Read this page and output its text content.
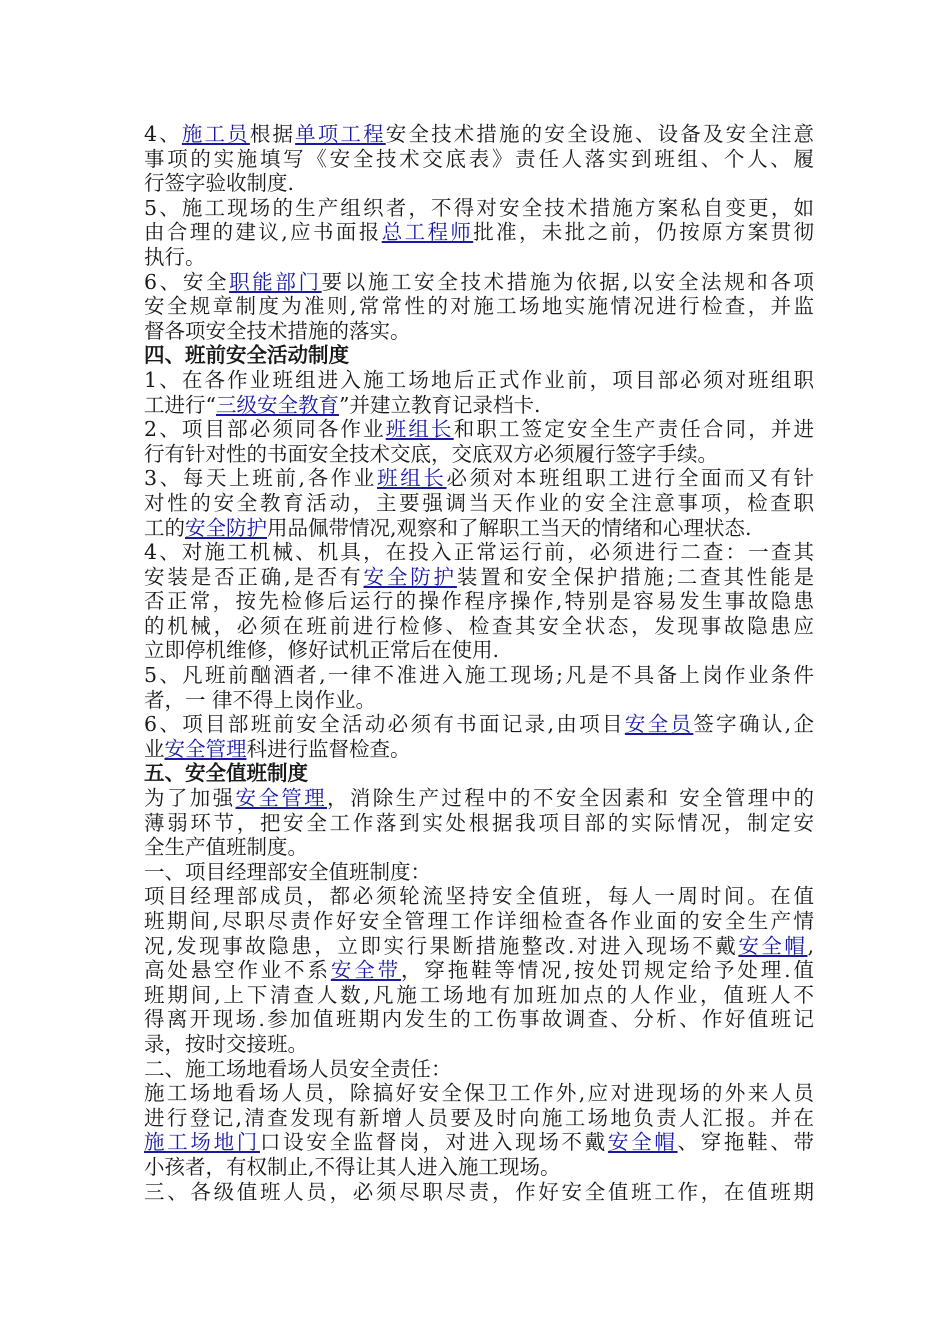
4、施工员根据单项工程安全技术措施的安全设施、设备及安全注意
事项的实施填写《安全技术交底表》责任人落实到班组、个人、履
行签字验收制度.
5、施工现场的生产组织者，不得对安全技术措施方案私自变更，如
由合理的建议,应书面报总工程师批准，未批之前，仍按原方案贯彻
执行。
6、安全职能部门要以施工安全技术措施为依据,以安全法规和各项
安全规章制度为准则,常常性的对施工场地实施情况进行检查，并监
督各项安全技术措施的落实。
四、班前安全活动制度
1、在各作业班组进入施工场地后正式作业前，项目部必须对班组职
工进行“三级安全教育”并建立教育记录档卡.
2、项目部必须同各作业班组长和职工签定安全生产责任合同，并进
行有针对性的书面安全技术交底，交底双方必须履行签字手续。
3、每天上班前,各作业班组长必须对本班组职工进行全面而又有针
对性的安全教育活动，主要强调当天作业的安全注意事项，检查职
工的安全防护用品佩带情况,观察和了解职工当天的情绪和心理状态.
4、对施工机械、机具，在投入正常运行前，必须进行二查：一查其
安装是否正确,是否有安全防护装置和安全保护措施;二查其性能是
否正常，按先检修后运行的操作程序操作,特别是容易发生事故隐患
的机械，必须在班前进行检修、检查其安全状态，发现事故隐患应
立即停机维修，修好试机正常后在使用.
5、凡班前酗酒者,一律不准进入施工现场;凡是不具备上岗作业条件
者，一 律不得上岗作业。
6、项目部班前安全活动必须有书面记录,由项目安全员签字确认,企
业安全管理科进行监督检查。
五、安全值班制度
为了加强安全管理，消除生产过程中的不安全因素和 安全管理中的
薄弱环节，把安全工作落到实处根据我项目部的实际情况，制定安
全生产值班制度。
一、项目经理部安全值班制度：
项目经理部成员，都必须轮流坚持安全值班，每人一周时间。在值
班期间,尽职尽责作好安全管理工作详细检查各作业面的安全生产情
况,发现事故隐患，立即实行果断措施整改.对进入现场不戴安全帽,
高处悬空作业不系安全带，穿拖鞋等情况,按处罚规定给予处理.值
班期间,上下清查人数,凡施工场地有加班加点的人作业，值班人不
得离开现场.参加值班期内发生的工伤事故调查、分析、作好值班记
录，按时交接班。
二、施工场地看场人员安全责任：
施工场地看场人员，除搞好安全保卫工作外,应对进现场的外来人员
进行登记,清查发现有新增人员要及时向施工场地负责人汇报。并在
施工场地门口设安全监督岗，对进入现场不戴安全帽、穿拖鞋、带
小孩者，有权制止,不得让其人进入施工现场。
三、各级值班人员，必须尽职尽责，作好安全值班工作，在值班期
